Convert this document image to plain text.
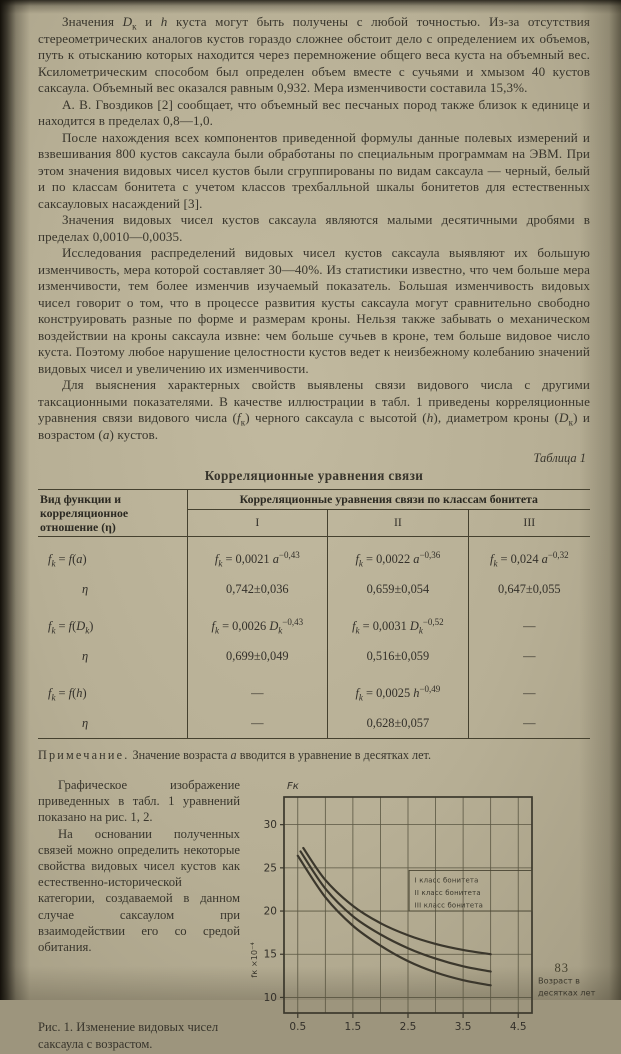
Значения $D_к$ и h куста могут быть получены с любой точностью. Из-за отсутствия стереометрических аналогов кустов гораздо сложнее обстоит дело с определением их объемов, путь к отысканию которых находится через перемножение общего веса куста на объемный вес. Ксилометрическим способом был определен объем вместе с сучьями и хмызом 40 кустов саксаула. Объемный вес оказался равным 0,932. Мера изменчивости составила 15,3%.

А. В. Гвоздиков [2] сообщает, что объемный вес песчаных пород также близок к единице и находится в пределах 0,8—1,0.

После нахождения всех компонентов приведенной формулы данные полевых измерений и взвешивания 800 кустов саксаула были обработаны по специальным программам на ЭВМ. При этом значения видовых чисел кустов были сгруппированы по видам саксаула — черный, белый и по классам бонитета с учетом классов трехбалльной шкалы бонитетов для естественных саксауловых насаждений [3].

Значения видовых чисел кустов саксаула являются малыми десятичными дробями в пределах 0,0010—0,0035.

Исследования распределений видовых чисел кустов саксаула выявляют их большую изменчивость, мера которой составляет 30—40%. Из статистики известно, что чем больше мера изменчивости, тем более изменчив изучаемый показатель. Большая изменчивость видовых чисел говорит о том, что в процессе развития кусты саксаула могут сравнительно свободно конструировать разные по форме и размерам кроны. Нельзя также забывать о механическом воздействии на кроны саксаула извне: чем больше сучьев в кроне, тем больше видовое число куста. Поэтому любое нарушение целостности кустов ведет к неизбежному колебанию значений видовых чисел и увеличению их изменчивости.

Для выяснения характерных свойств выявлены связи видового числа с другими таксационными показателями. В качестве иллюстрации в табл. 1 приведены корреляционные уравнения связи видового числа $(f_к)$ черного саксаула с высотой (h), диаметром кроны $(D_к)$ и возрастом (a) кустов.

Таблица 1
Корреляционные уравнения связи
Вид функции и корреляционное отношение (η)	Корреляционные уравнения связи по классам бонитета		
	I	II	III
$f_k = f(a)$	$f_k = 0,0021$ $a^{-0,43}$	$f_k = 0,0022$ $a^{-0,36}$	$f_k = 0,024$ $a^{-0,32}$
η	0,742±0,036	0,659±0,054	0,647±0,055
$f_k = f(D_k)$	$f_k = 0,0026$ $D_k^{-0,43}$	$f_k = 0,0031$ $D_k^{-0,52}$	—
η	0,699±0,049	0,516±0,059	—
$f_k = f(h)$	—	$f_k = 0,0025$ $h^{-0,49}$	—
η	—	0,628±0,057	—

Примечание. Значение возраста a вводится в уравнение в десятках лет.

Графическое изображение приведенных в табл. 1 уравнений показано на рис. 1, 2.

На основании полученных связей можно определить некоторые свойства видовых чисел кустов как естественно-исторической категории, создаваемой в данном случае саксаулом при взаимодействии его со средой обитания.

Рис. 1. Изменение видовых чисел саксаула с возрастом.

10
15
20
25
30
0.5	1.5	2.5	3.5	4.5
Fк
fк ×10⁻⁴
Возраст в
десятках лет
I класс бонитета
II класс бонитета
III класс бонитета
83
